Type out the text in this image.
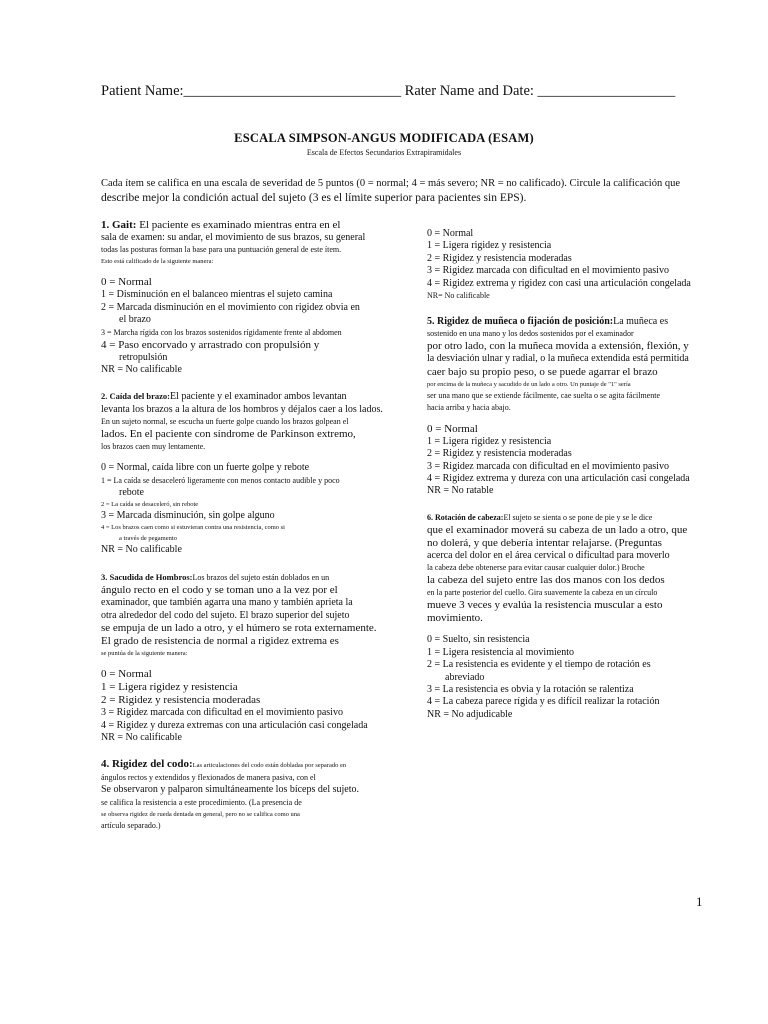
Patient Name:______________________________ Rater Name and Date: ___________________
ESCALA SIMPSON-ANGUS MODIFICADA (ESAM)
Escala de Efectos Secundarios Extrapiramidales
Cada ítem se califica en una escala de severidad de 5 puntos (0 = normal; 4 = más severo; NR = no calificado). Circule la calificación que
describe mejor la condición actual del sujeto (3 es el límite superior para pacientes sin EPS).
1. Gait: El paciente es examinado mientras entra en el
sala de examen: su andar, el movimiento de sus brazos, su general
todas las posturas forman la base para una puntuación general de este ítem.
Esto está calificado de la siguiente manera:
0 = Normal
1 = Disminución en el balanceo mientras el sujeto camina
2 = Marcada disminución en el movimiento con rigidez obvia en
el brazo
3 = Marcha rígida con los brazos sostenidos rígidamente frente al abdomen
4 = Paso encorvado y arrastrado con propulsión y
retropulsión
NR = No calificable
2. Caída del brazo:El paciente y el examinador ambos levantan
levanta los brazos a la altura de los hombros y déjalos caer a los lados.
En un sujeto normal, se escucha un fuerte golpe cuando los brazos golpean el
lados. En el paciente con síndrome de Parkinson extremo,
los brazos caen muy lentamente.
0 = Normal, caída libre con un fuerte golpe y rebote
1 = La caída se desaceleró ligeramente con menos contacto audible y poco
rebote
2 = La caída se desaceleró, sin rebote
3 = Marcada disminución, sin golpe alguno
4 = Los brazos caen como si estuvieran contra una resistencia, como si
a través de pegamento
NR = No calificable
3. Sacudida de Hombros:Los brazos del sujeto están doblados en un
ángulo recto en el codo y se toman uno a la vez por el
examinador, que también agarra una mano y también aprieta la
otra alrededor del codo del sujeto. El brazo superior del sujeto
se empuja de un lado a otro, y el húmero se rota externamente.
El grado de resistencia de normal a rigidez extrema es
se puntúa de la siguiente manera:
0 = Normal
1 = Ligera rigidez y resistencia
2 = Rigidez y resistencia moderadas
3 = Rigidez marcada con dificultad en el movimiento pasivo
4 = Rigidez y dureza extremas con una articulación casi congelada
NR = No calificable
4. Rigidez del codo:Las articulaciones del codo están dobladas por separado en
ángulos rectos y extendidos y flexionados de manera pasiva, con el
Se observaron y palparon simultáneamente los bíceps del sujeto.
se califica la resistencia a este procedimiento. (La presencia de
se observa rigidez de rueda dentada en general, pero no se califica como una
artículo separado.)
0 = Normal
1 = Ligera rigidez y resistencia
2 = Rigidez y resistencia moderadas
3 = Rigidez marcada con dificultad en el movimiento pasivo
4 = Rigidez extrema y rigidez con casi una articulación congelada
NR= No calificable
5. Rigidez de muñeca o fijación de posición:La muñeca es
sostenido en una mano y los dedos sostenidos por el examinador
por otro lado, con la muñeca movida a extensión, flexión, y
la desviación ulnar y radial, o la muñeca extendida está permitida
caer bajo su propio peso, o se puede agarrar el brazo
por encima de la muñeca y sacudido de un lado a otro. Un puntaje de "1" sería
ser una mano que se extiende fácilmente, cae suelta o se agita fácilmente
hacia arriba y hacia abajo.
0 = Normal
1 = Ligera rigidez y resistencia
2 = Rigidez y resistencia moderadas
3 = Rigidez marcada con dificultad en el movimiento pasivo
4 = Rigidez extrema y dureza con una articulación casi congelada
NR = No ratable
6. Rotación de cabeza:El sujeto se sienta o se pone de pie y se le dice
que el examinador moverá su cabeza de un lado a otro, que
no dolerá, y que debería intentar relajarse. (Preguntas
acerca del dolor en el área cervical o dificultad para moverlo
la cabeza debe obtenerse para evitar causar cualquier dolor.) Broche
la cabeza del sujeto entre las dos manos con los dedos
en la parte posterior del cuello. Gira suavemente la cabeza en un círculo
mueve 3 veces y evalúa la resistencia muscular a esto
movimiento.
0 = Suelto, sin resistencia
1 = Ligera resistencia al movimiento
2 = La resistencia es evidente y el tiempo de rotación es
abreviado
3 = La resistencia es obvia y la rotación se ralentiza
4 = La cabeza parece rígida y es difícil realizar la rotación
NR = No adjudicable
1
